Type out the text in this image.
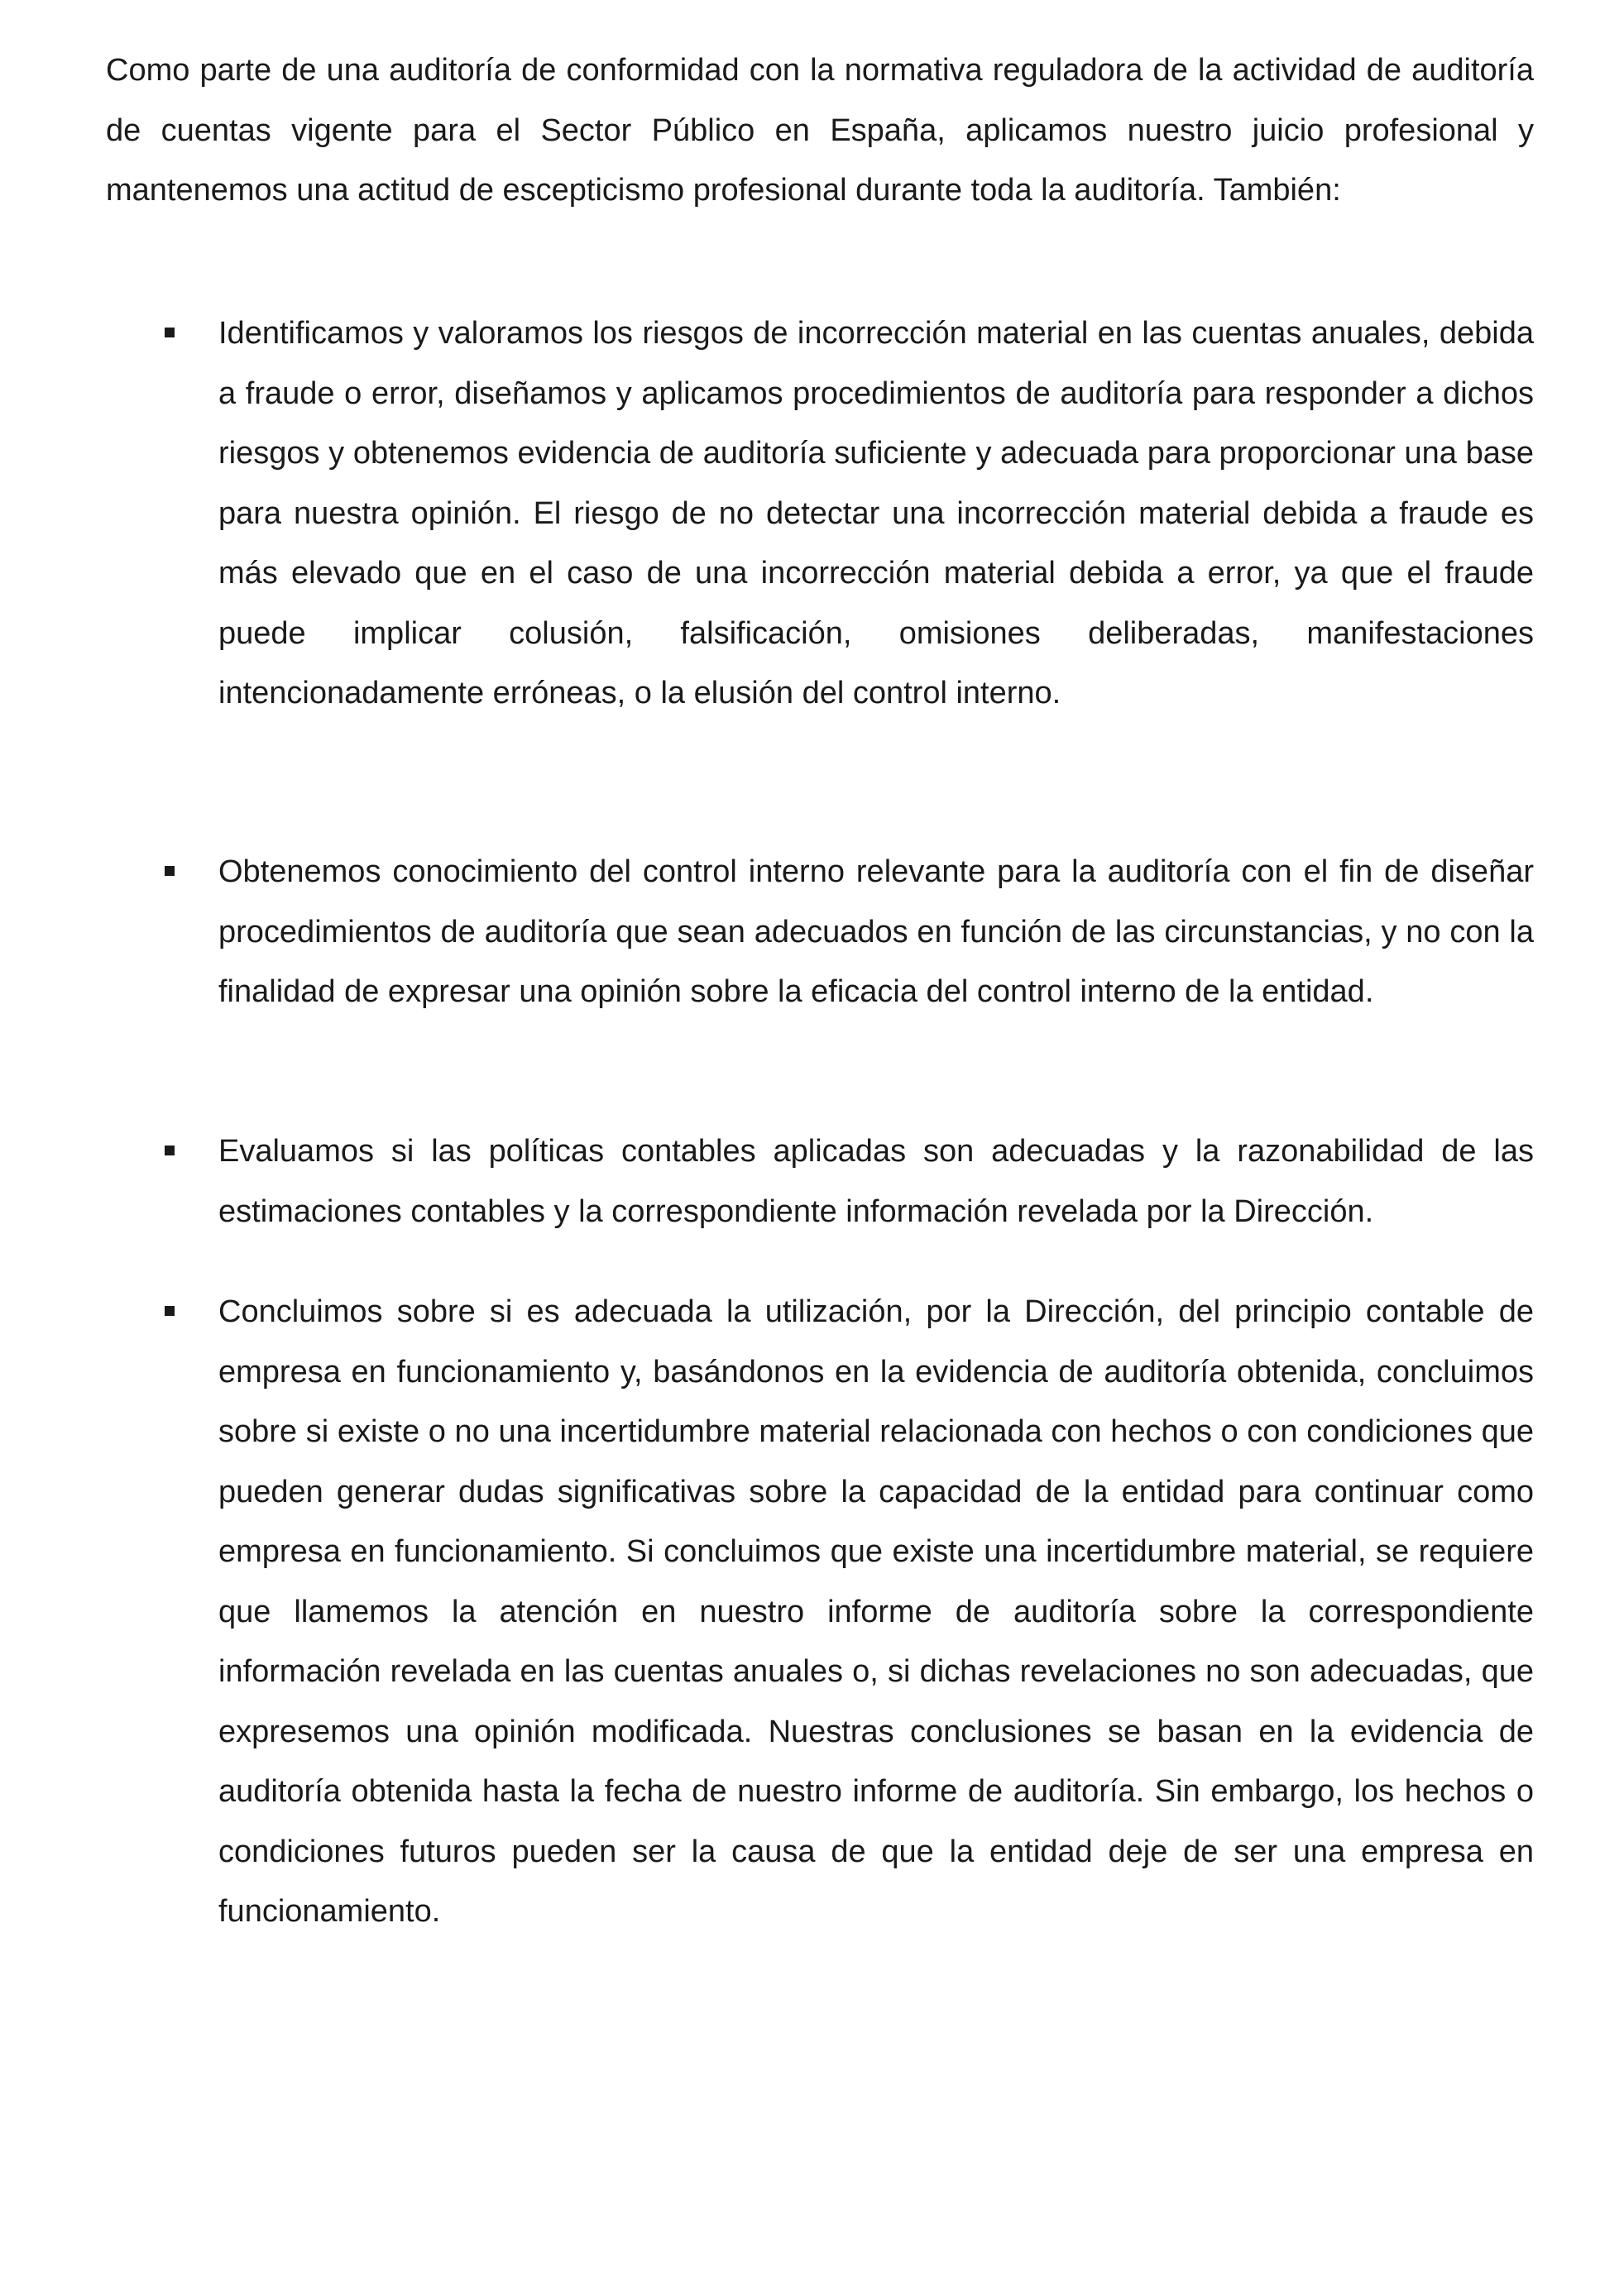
Como parte de una auditoría de conformidad con la normativa reguladora de la actividad de auditoría de cuentas vigente para el Sector Público en España, aplicamos nuestro juicio profesional y mantenemos una actitud de escepticismo profesional durante toda la auditoría. También:

Identificamos y valoramos los riesgos de incorrección material en las cuentas anuales, debida a fraude o error, diseñamos y aplicamos procedimientos de auditoría para responder a dichos riesgos y obtenemos evidencia de auditoría suficiente y adecuada para proporcionar una base para nuestra opinión. El riesgo de no detectar una incorrección material debida a fraude es más elevado que en el caso de una incorrección material debida a error, ya que el fraude puede implicar colusión, falsificación, omisiones deliberadas, manifestaciones intencionadamente erróneas, o la elusión del control interno.

Obtenemos conocimiento del control interno relevante para la auditoría con el fin de diseñar procedimientos de auditoría que sean adecuados en función de las circunstancias, y no con la finalidad de expresar una opinión sobre la eficacia del control interno de la entidad.

Evaluamos si las políticas contables aplicadas son adecuadas y la razonabilidad de las estimaciones contables y la correspondiente información revelada por la Dirección.

Concluimos sobre si es adecuada la utilización, por la Dirección, del principio contable de empresa en funcionamiento y, basándonos en la evidencia de auditoría obtenida, concluimos sobre si existe o no una incertidumbre material relacionada con hechos o con condiciones que pueden generar dudas significativas sobre la capacidad de la entidad para continuar como empresa en funcionamiento. Si concluimos que existe una incertidumbre material, se requiere que llamemos la atención en nuestro informe de auditoría sobre la correspondiente información revelada en las cuentas anuales o, si dichas revelaciones no son adecuadas, que expresemos una opinión modificada. Nuestras conclusiones se basan en la evidencia de auditoría obtenida hasta la fecha de nuestro informe de auditoría. Sin embargo, los hechos o condiciones futuros pueden ser la causa de que la entidad deje de ser una empresa en funcionamiento.
